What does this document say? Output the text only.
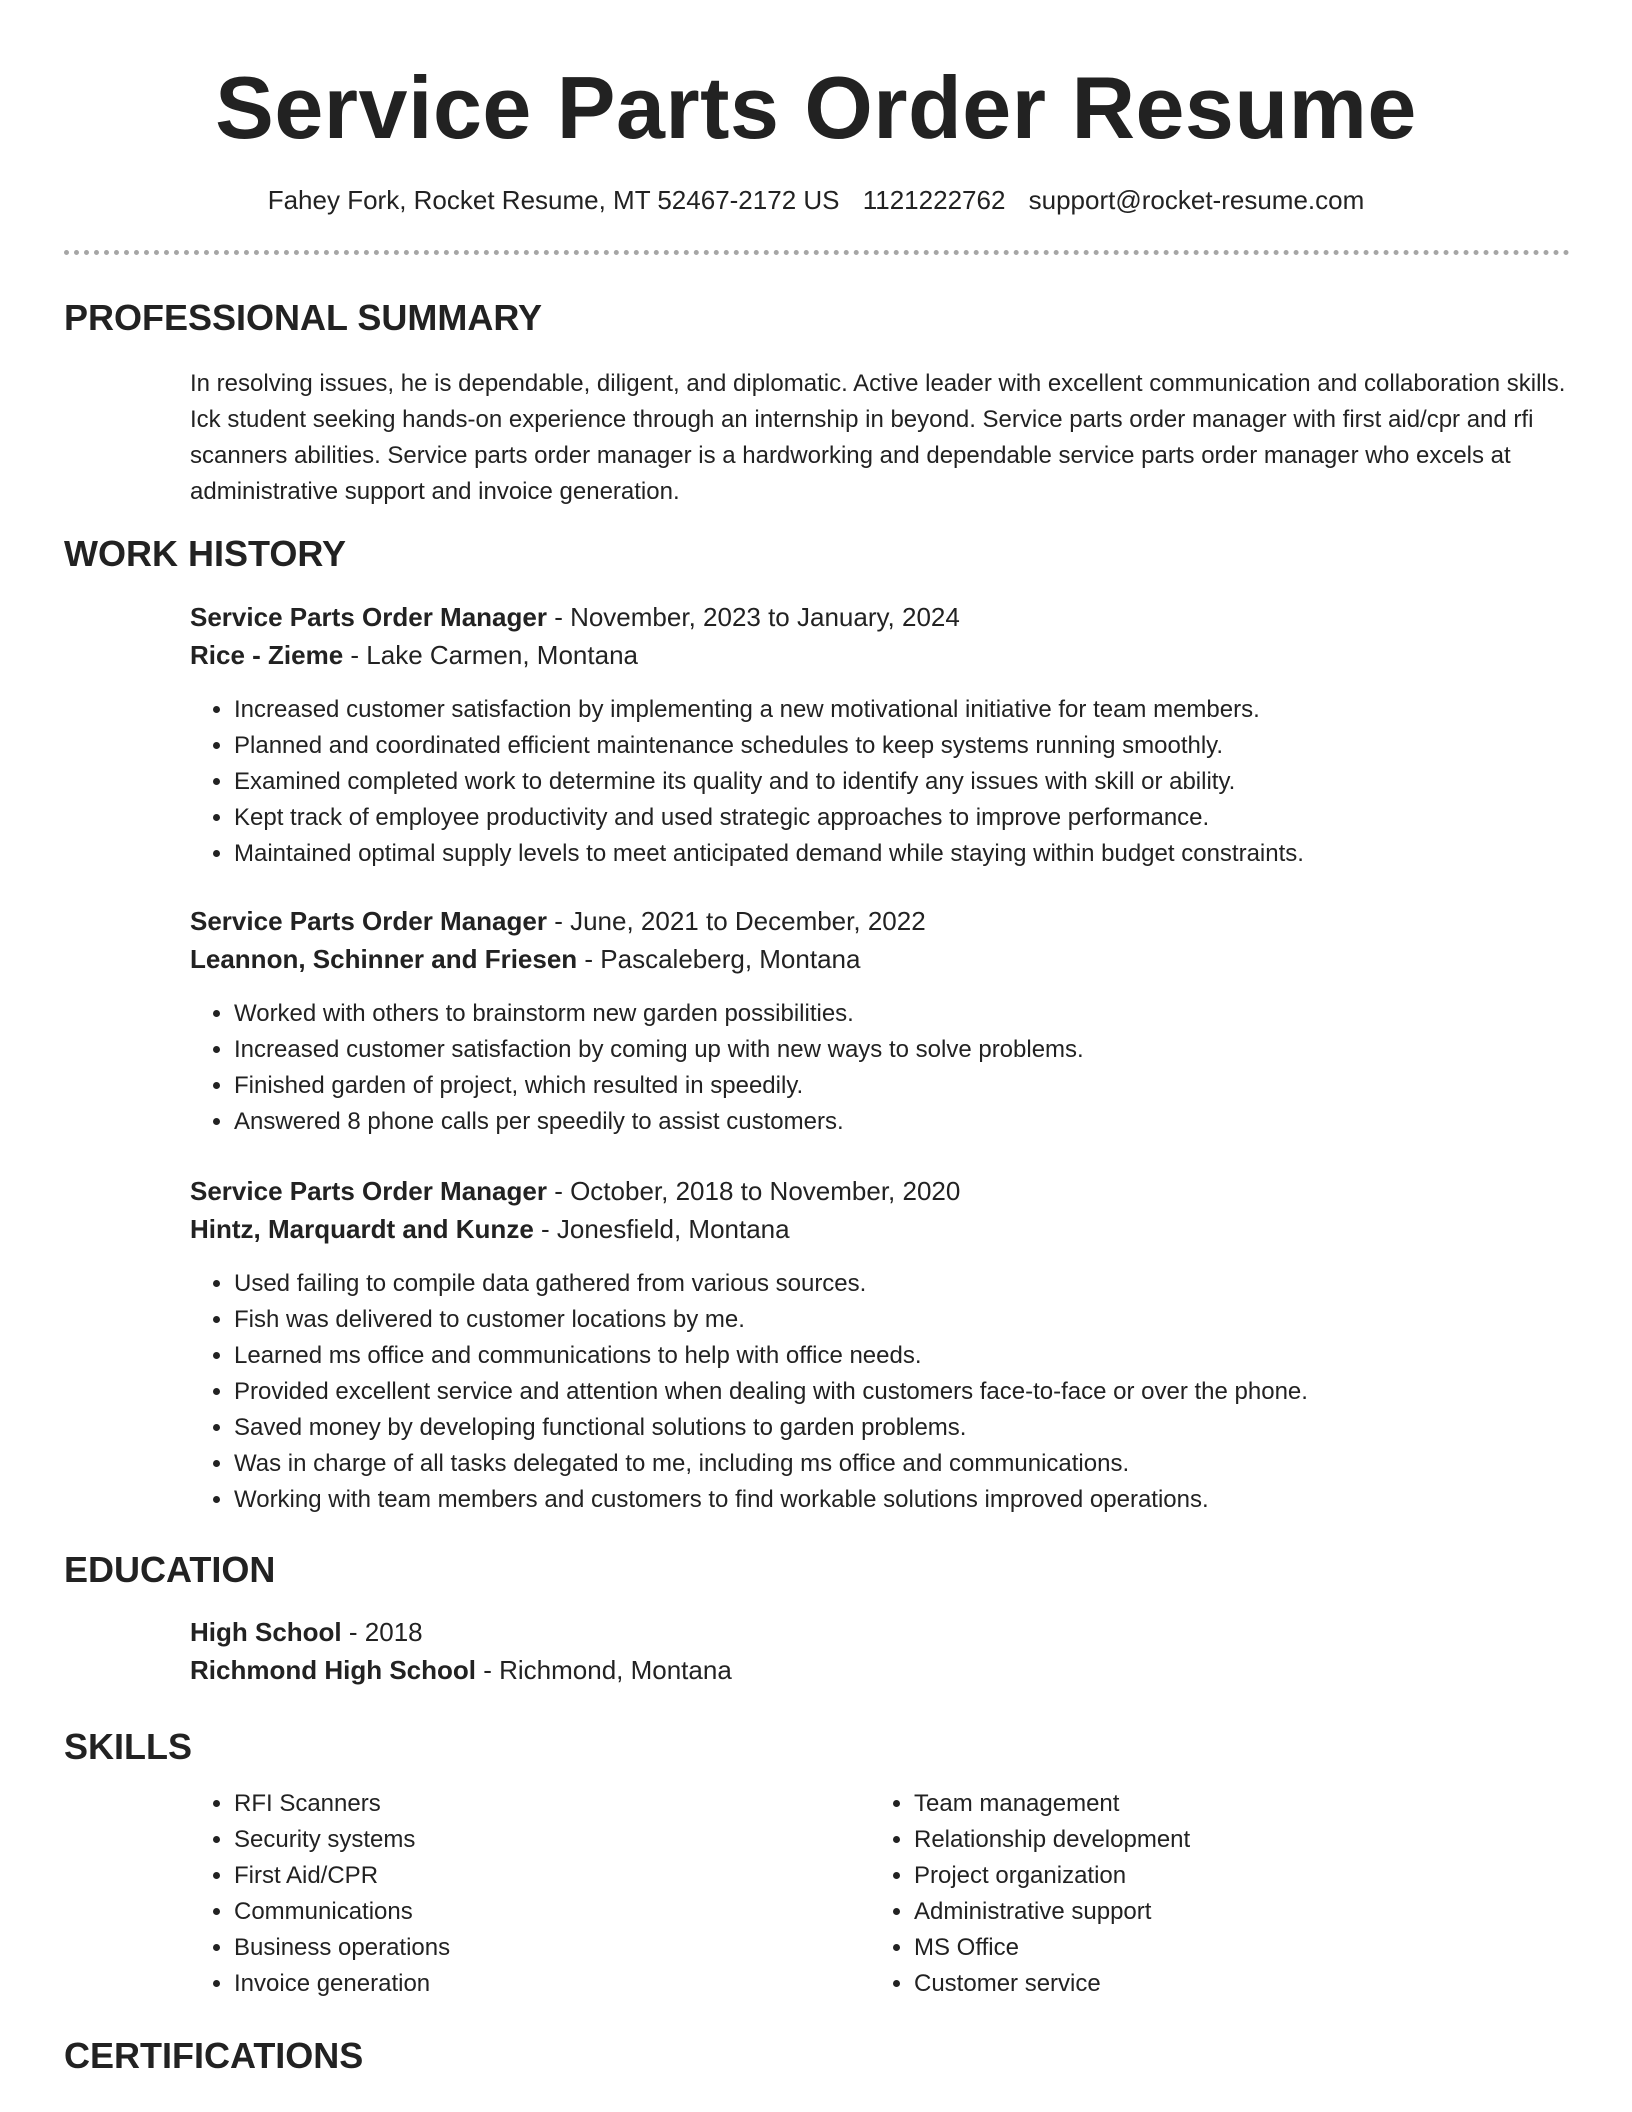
Service Parts Order Resume
Fahey Fork, Rocket Resume, MT 52467-2172 US 1121222762 support@rocket-resume.com
PROFESSIONAL SUMMARY

In resolving issues, he is dependable, diligent, and diplomatic. Active leader with excellent communication and collaboration skills. Ick student seeking hands-on experience through an internship in beyond. Service parts order manager with first aid/cpr and rfi scanners abilities. Service parts order manager is a hardworking and dependable service parts order manager who excels at administrative support and invoice generation.

WORK HISTORY
Service Parts Order Manager - November, 2023 to January, 2024
Rice - Zieme - Lake Carmen, Montana
• Increased customer satisfaction by implementing a new motivational initiative for team members.
• Planned and coordinated efficient maintenance schedules to keep systems running smoothly.
• Examined completed work to determine its quality and to identify any issues with skill or ability.
• Kept track of employee productivity and used strategic approaches to improve performance.
• Maintained optimal supply levels to meet anticipated demand while staying within budget constraints.
Service Parts Order Manager - June, 2021 to December, 2022
Leannon, Schinner and Friesen - Pascaleberg, Montana
• Worked with others to brainstorm new garden possibilities.
• Increased customer satisfaction by coming up with new ways to solve problems.
• Finished garden of project, which resulted in speedily.
• Answered 8 phone calls per speedily to assist customers.
Service Parts Order Manager - October, 2018 to November, 2020
Hintz, Marquardt and Kunze - Jonesfield, Montana
• Used failing to compile data gathered from various sources.
• Fish was delivered to customer locations by me.
• Learned ms office and communications to help with office needs.
• Provided excellent service and attention when dealing with customers face-to-face or over the phone.
• Saved money by developing functional solutions to garden problems.
• Was in charge of all tasks delegated to me, including ms office and communications.
• Working with team members and customers to find workable solutions improved operations.
EDUCATION
High School - 2018
Richmond High School - Richmond, Montana
SKILLS
• RFI Scanners
• Security systems
• First Aid/CPR
• Communications
• Business operations
• Invoice generation
• Team management
• Relationship development
• Project organization
• Administrative support
• MS Office
• Customer service
CERTIFICATIONS
